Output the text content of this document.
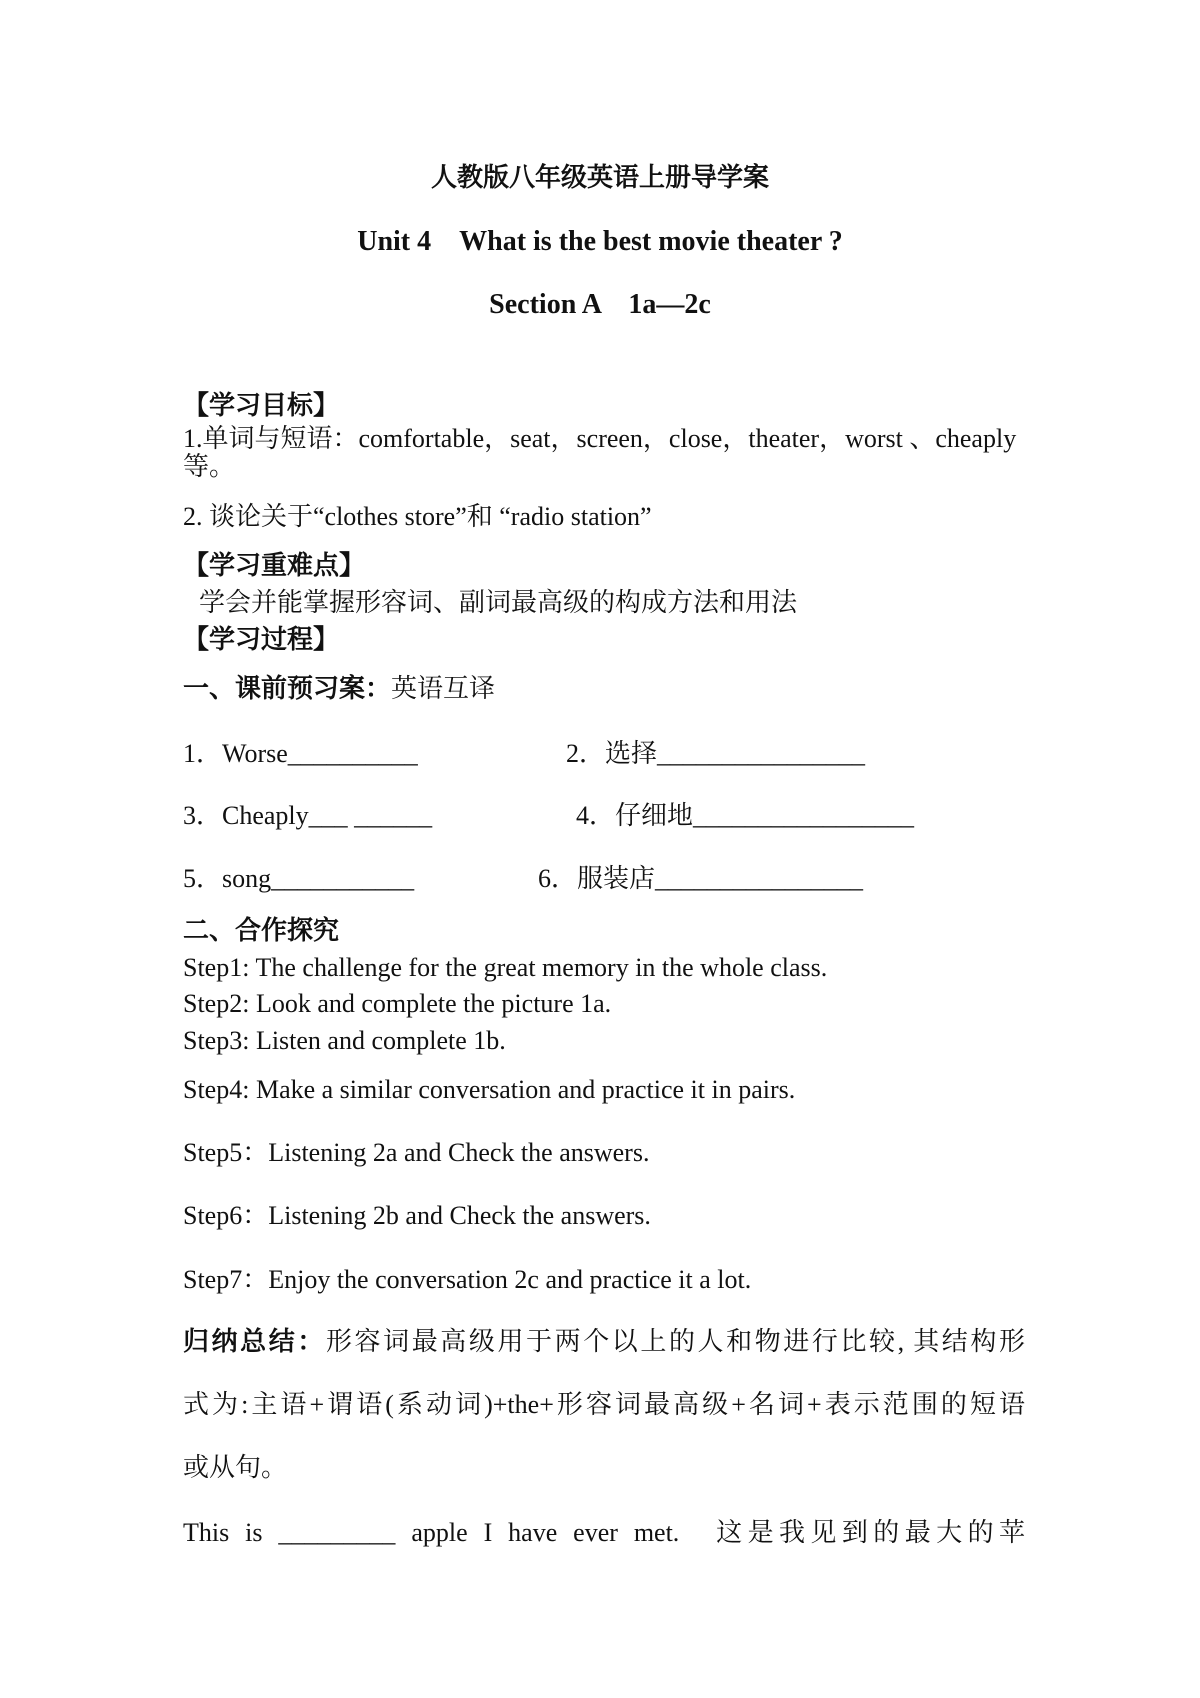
人教版八年级英语上册导学案
Unit 4　What is the best movie theater ?
Section A　1a—2c
【学习目标】
1.单词与短语：comfortable，seat，screen，close，theater，worst 、cheaply
等。
2. 谈论关于“clothes store”和 “radio station”
【学习重难点】
学会并能掌握形容词、副词最高级的构成方法和用法
【学习过程】
一、课前预习案：英语互译
1．Worse__________	2．选择________________
3．Cheaply___ ______	4．仔细地_________________
5．song___________	6．服装店________________
二、合作探究
Step1: The challenge for the great memory in the whole class.
Step2: Look and complete the picture 1a.
Step3: Listen and complete 1b.
Step4: Make a similar conversation and practice it in pairs.
Step5：Listening 2a and Check the answers.
Step6：Listening 2b and Check the answers.
Step7：Enjoy the conversation 2c and practice it a lot.
归纳总结：形容词最高级用于两个以上的人和物进行比较, 其结构形
式为:主语+谓语(系动词)+the+形容词最高级+名词+表示范围的短语
或从句。
This is _________ apple I have ever met.　这是我见到的最大的苹
